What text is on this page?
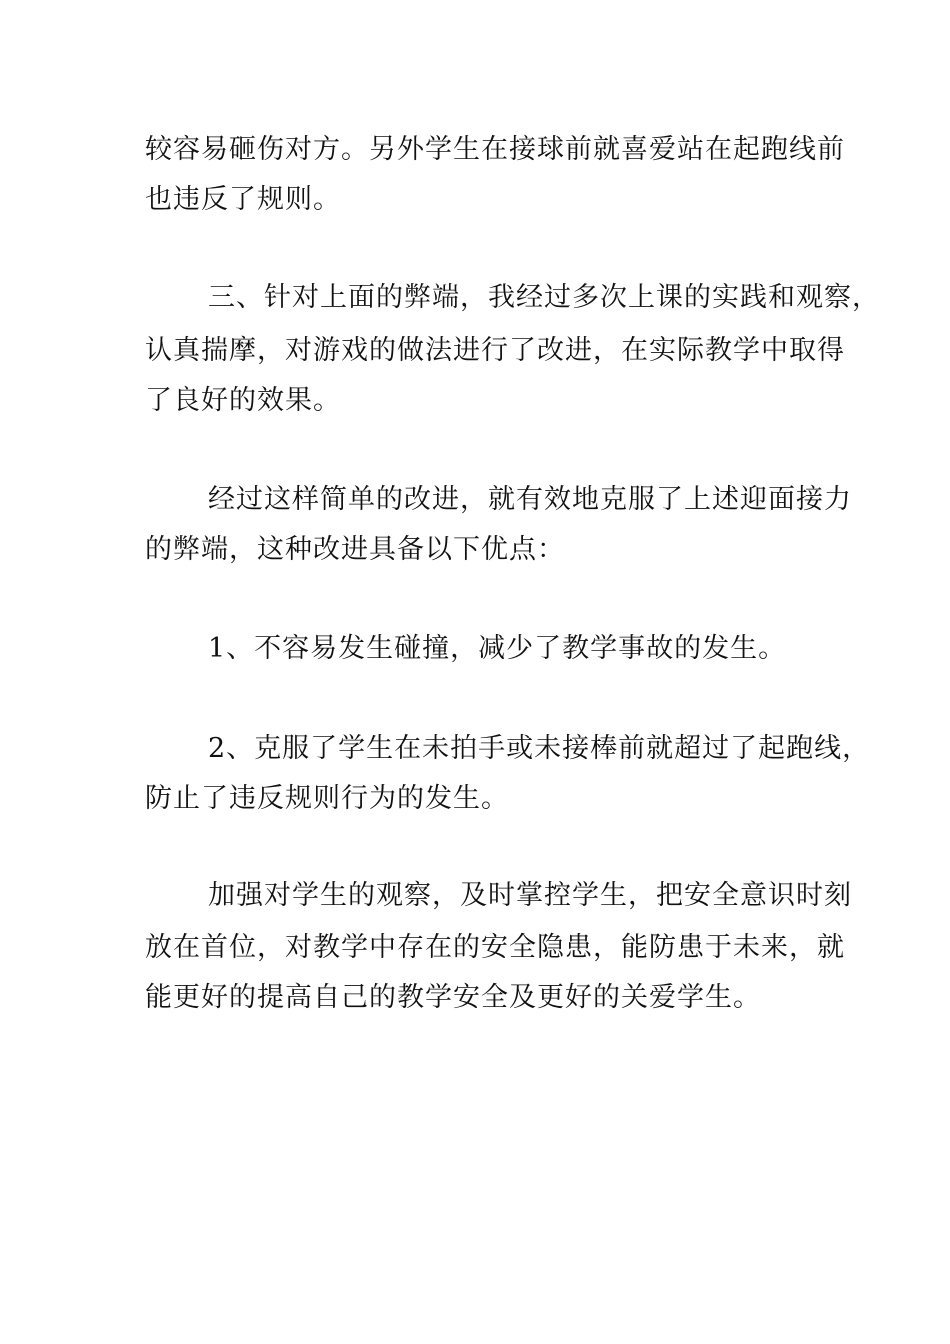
较容易砸伤对方。另外学生在接球前就喜爱站在起跑线前
也违反了规则。
三、针对上面的弊端，我经过多次上课的实践和观察，
认真揣摩，对游戏的做法进行了改进，在实际教学中取得
了良好的效果。
经过这样简单的改进，就有效地克服了上述迎面接力
的弊端，这种改进具备以下优点：
1、不容易发生碰撞，减少了教学事故的发生。
2、克服了学生在未拍手或未接棒前就超过了起跑线，
防止了违反规则行为的发生。
加强对学生的观察，及时掌控学生，把安全意识时刻
放在首位，对教学中存在的安全隐患，能防患于未来，就
能更好的提高自己的教学安全及更好的关爱学生。
